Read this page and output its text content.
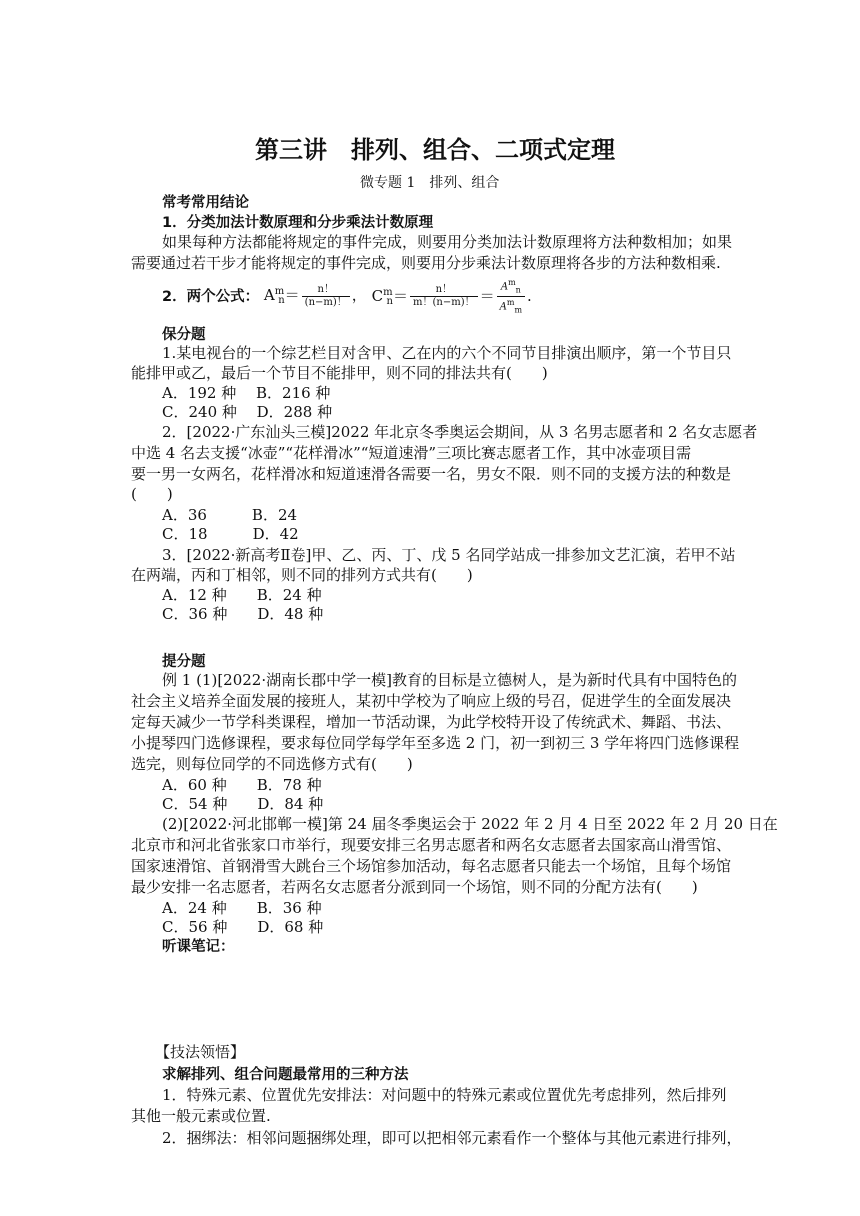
第三讲　排列、组合、二项式定理
微专题 1　排列、组合
常考常用结论
1．分类加法计数原理和分步乘法计数原理
如果每种方法都能将规定的事件完成，则要用分类加法计数原理将方法种数相加；如果
需要通过若干步才能将规定的事件完成，则要用分步乘法计数原理将各步的方法种数相乘.
2．两个公式： $A^m_n= \frac{n!}{(n-m)!}$ ， $C^m_n= \frac{n!}{m!(n-m)!} = \frac{A^m_n}{A^m_m}$ .
保分题
1.某电视台的一个综艺栏目对含甲、乙在内的六个不同节目排演出顺序，第一个节目只
能排甲或乙，最后一个节目不能排甲，则不同的排法共有(　　)
A．192 种　 B．216 种
C．240 种　 D．288 种
2．[2022·广东汕头三模]2022 年北京冬季奥运会期间，从 3 名男志愿者和 2 名女志愿者
中选 4 名去支援“冰壶”“花样滑冰”“短道速滑”三项比赛志愿者工作，其中冰壶项目需
要一男一女两名，花样滑冰和短道速滑各需要一名，男女不限．则不同的支援方法的种数是
(　　)
A．36　　　B．24
C．18　　　D．42
3．[2022·新高考Ⅱ卷]甲、乙、丙、丁、戊 5 名同学站成一排参加文艺汇演，若甲不站
在两端，丙和丁相邻，则不同的排列方式共有(　　)
A．12 种　　B．24 种
C．36 种　　D．48 种
提分题
例 1 (1)[2022·湖南长郡中学一模]教育的目标是立德树人，是为新时代具有中国特色的
社会主义培养全面发展的接班人，某初中学校为了响应上级的号召，促进学生的全面发展决
定每天减少一节学科类课程，增加一节活动课，为此学校特开设了传统武术、舞蹈、书法、
小提琴四门选修课程，要求每位同学每学年至多选 2 门，初一到初三 3 学年将四门选修课程
选完，则每位同学的不同选修方式有(　　)
A．60 种　　B．78 种
C．54 种　　D．84 种
(2)[2022·河北邯郸一模]第 24 届冬季奥运会于 2022 年 2 月 4 日至 2022 年 2 月 20 日在
北京市和河北省张家口市举行，现要安排三名男志愿者和两名女志愿者去国家高山滑雪馆、
国家速滑馆、首钢滑雪大跳台三个场馆参加活动，每名志愿者只能去一个场馆，且每个场馆
最少安排一名志愿者，若两名女志愿者分派到同一个场馆，则不同的分配方法有(　　)
A．24 种　　B．36 种
C．56 种　　D．68 种
听课笔记：
【技法领悟】
求解排列、组合问题最常用的三种方法
1．特殊元素、位置优先安排法：对问题中的特殊元素或位置优先考虑排列，然后排列
其他一般元素或位置.
2．捆绑法：相邻问题捆绑处理，即可以把相邻元素看作一个整体与其他元素进行排列，
